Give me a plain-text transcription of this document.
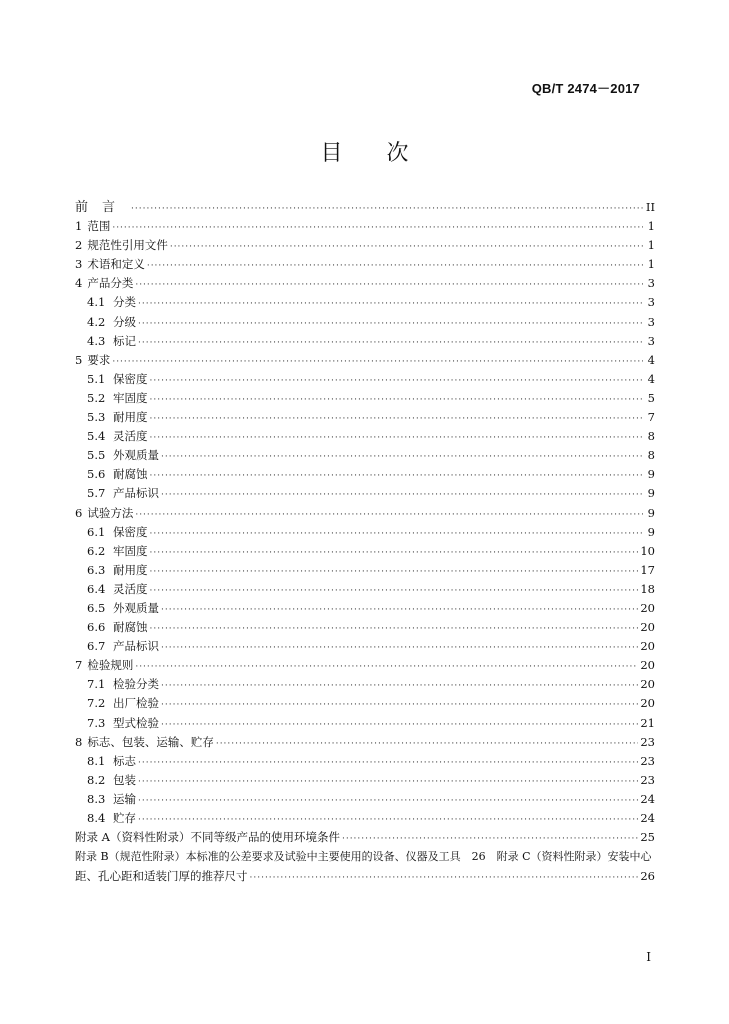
QB/T 2474－2017
目次
前言 ·····	II
1 范围 ·····	1
2 规范性引用文件 ·····	1
3 术语和定义 ·····	1
4 产品分类 ·····	3
4.1 分类 ·····	3
4.2 分级 ·····	3
4.3 标记 ·····	3
5 要求 ·····	4
5.1 保密度 ·····	4
5.2 牢固度 ·····	5
5.3 耐用度 ·····	7
5.4 灵活度 ·····	8
5.5 外观质量 ·····	8
5.6 耐腐蚀 ·····	9
5.7 产品标识 ·····	9
6 试验方法 ·····	9
6.1 保密度 ·····	9
6.2 牢固度 ·····	10
6.3 耐用度 ·····	17
6.4 灵活度 ·····	18
6.5 外观质量 ·····	20
6.6 耐腐蚀 ·····	20
6.7 产品标识 ·····	20
7 检验规则 ·····	20
7.1 检验分类 ·····	20
7.2 出厂检验 ·····	20
7.3 型式检验 ·····	21
8 标志、包装、运输、贮存 ·····	23
8.1 标志 ·····	23
8.2 包装 ·····	23
8.3 运输 ·····	24
8.4 贮存 ·····	24
附录 A（资料性附录）不同等级产品的使用环境条件 ·····	25
附录 B（规范性附录）本标准的公差要求及试验中主要使用的设备、仪器及工具　26　附录 C（资料性附录）安装中心
距、孔心距和适装门厚的推荐尺寸 ·····	26
I
